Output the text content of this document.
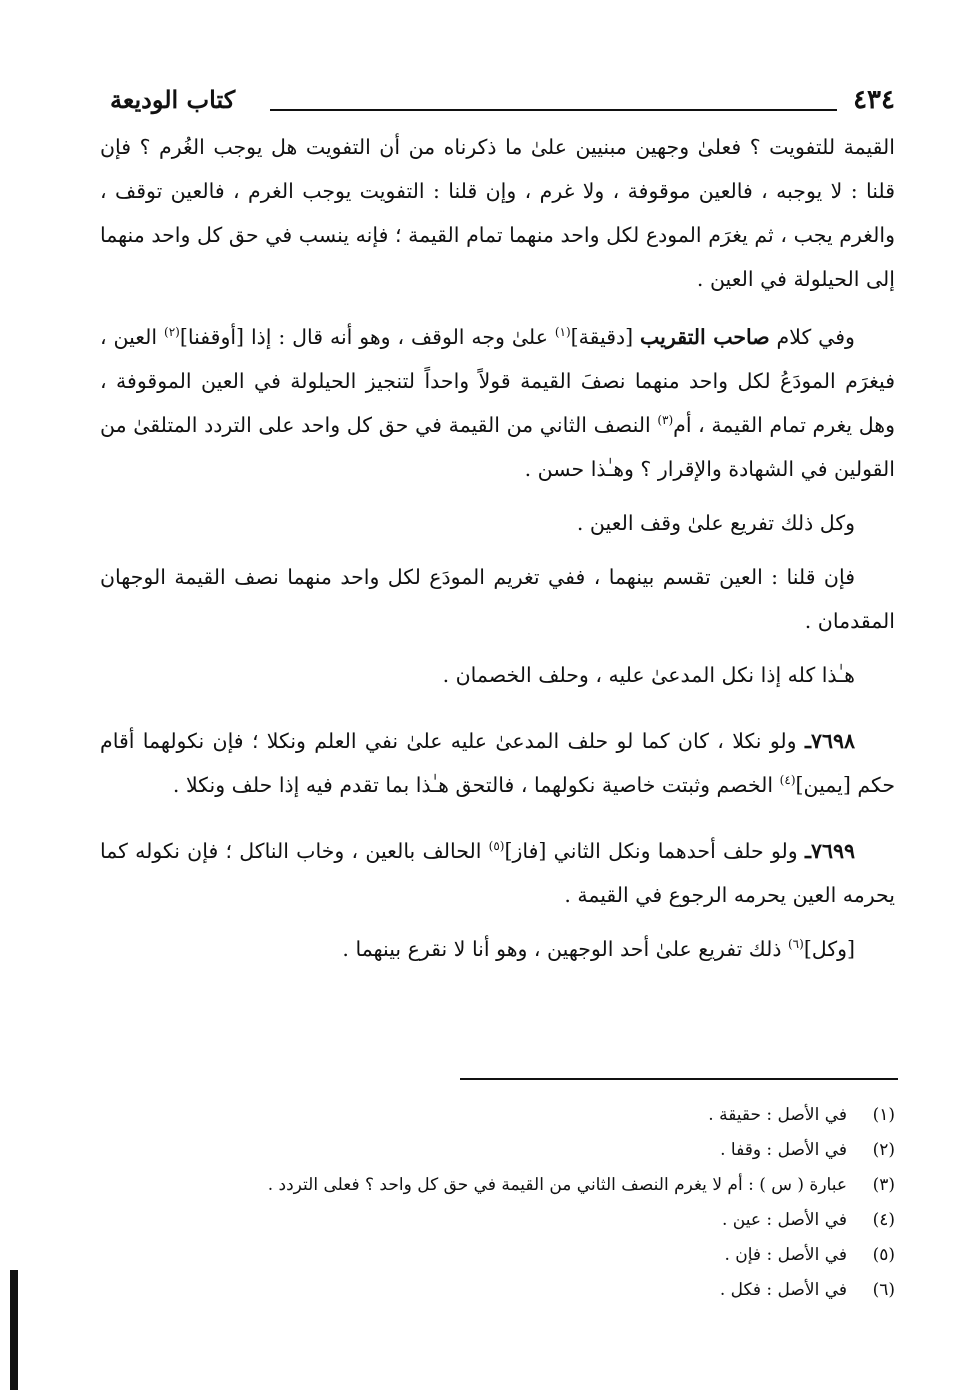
٤٣٤
كتاب الوديعة

القيمة للتفويت ؟ فعلىٰ وجهين مبنيين علىٰ ما ذكرناه من أن التفويت هل يوجب الغُرم ؟ فإن قلنا : لا يوجبه ، فالعين موقوفة ، ولا غرم ، وإن قلنا : التفويت يوجب الغرم ، فالعين توقف ، والغرم يجب ، ثم يغرَم المودع لكل واحد منهما تمام القيمة ؛ فإنه ينسب في حق كل واحد منهما إلى الحيلولة في العين .

وفي كلام صاحب التقريب [دقيقة]$^{(١)}$ علىٰ وجه الوقف ، وهو أنه قال : إذا [أوقفنا]$^{(٢)}$ العين ، فيغرَم المودَعُ لكل واحد منهما نصفَ القيمة قولاً واحداً لتنجيز الحيلولة في العين الموقوفة ، وهل يغرم تمام القيمة ، أم$^{(٣)}$ النصف الثاني من القيمة في حق كل واحد على التردد المتلقىٰ من القولين في الشهادة والإقرار ؟ وهـٰذا حسن .

وكل ذلك تفريع علىٰ وقف العين .

فإن قلنا : العين تقسم بينهما ، ففي تغريم المودَع لكل واحد منهما نصف القيمة الوجهان المقدمان .

هـٰذا كله إذا نكل المدعىٰ عليه ، وحلف الخصمان .

٧٦٩٨ـ ولو نكلا ، كان كما لو حلف المدعىٰ عليه علىٰ نفي العلم ونكلا ؛ فإن نكولهما أقام حكم [يمين]$^{(٤)}$ الخصم وثبتت خاصية نكولهما ، فالتحق هـٰذا بما تقدم فيه إذا حلف ونكلا .

٧٦٩٩ـ ولو حلف أحدهما ونكل الثاني [فاز]$^{(٥)}$ الحالف بالعين ، وخاب الناكل ؛ فإن نكوله كما يحرمه العين يحرمه الرجوع في القيمة .

[وكل]$^{(٦)}$ ذلك تفريع علىٰ أحد الوجهين ، وهو أنا لا نقرع بينهما .

(١)في الأصل : حقيقة .

(٢)في الأصل : وقفا .

(٣)عبارة ( س ) : أم لا يغرم النصف الثاني من القيمة في حق كل واحد ؟ فعلى التردد .

(٤)في الأصل : عين .

(٥)في الأصل : فإن .

(٦)في الأصل : فكل .
